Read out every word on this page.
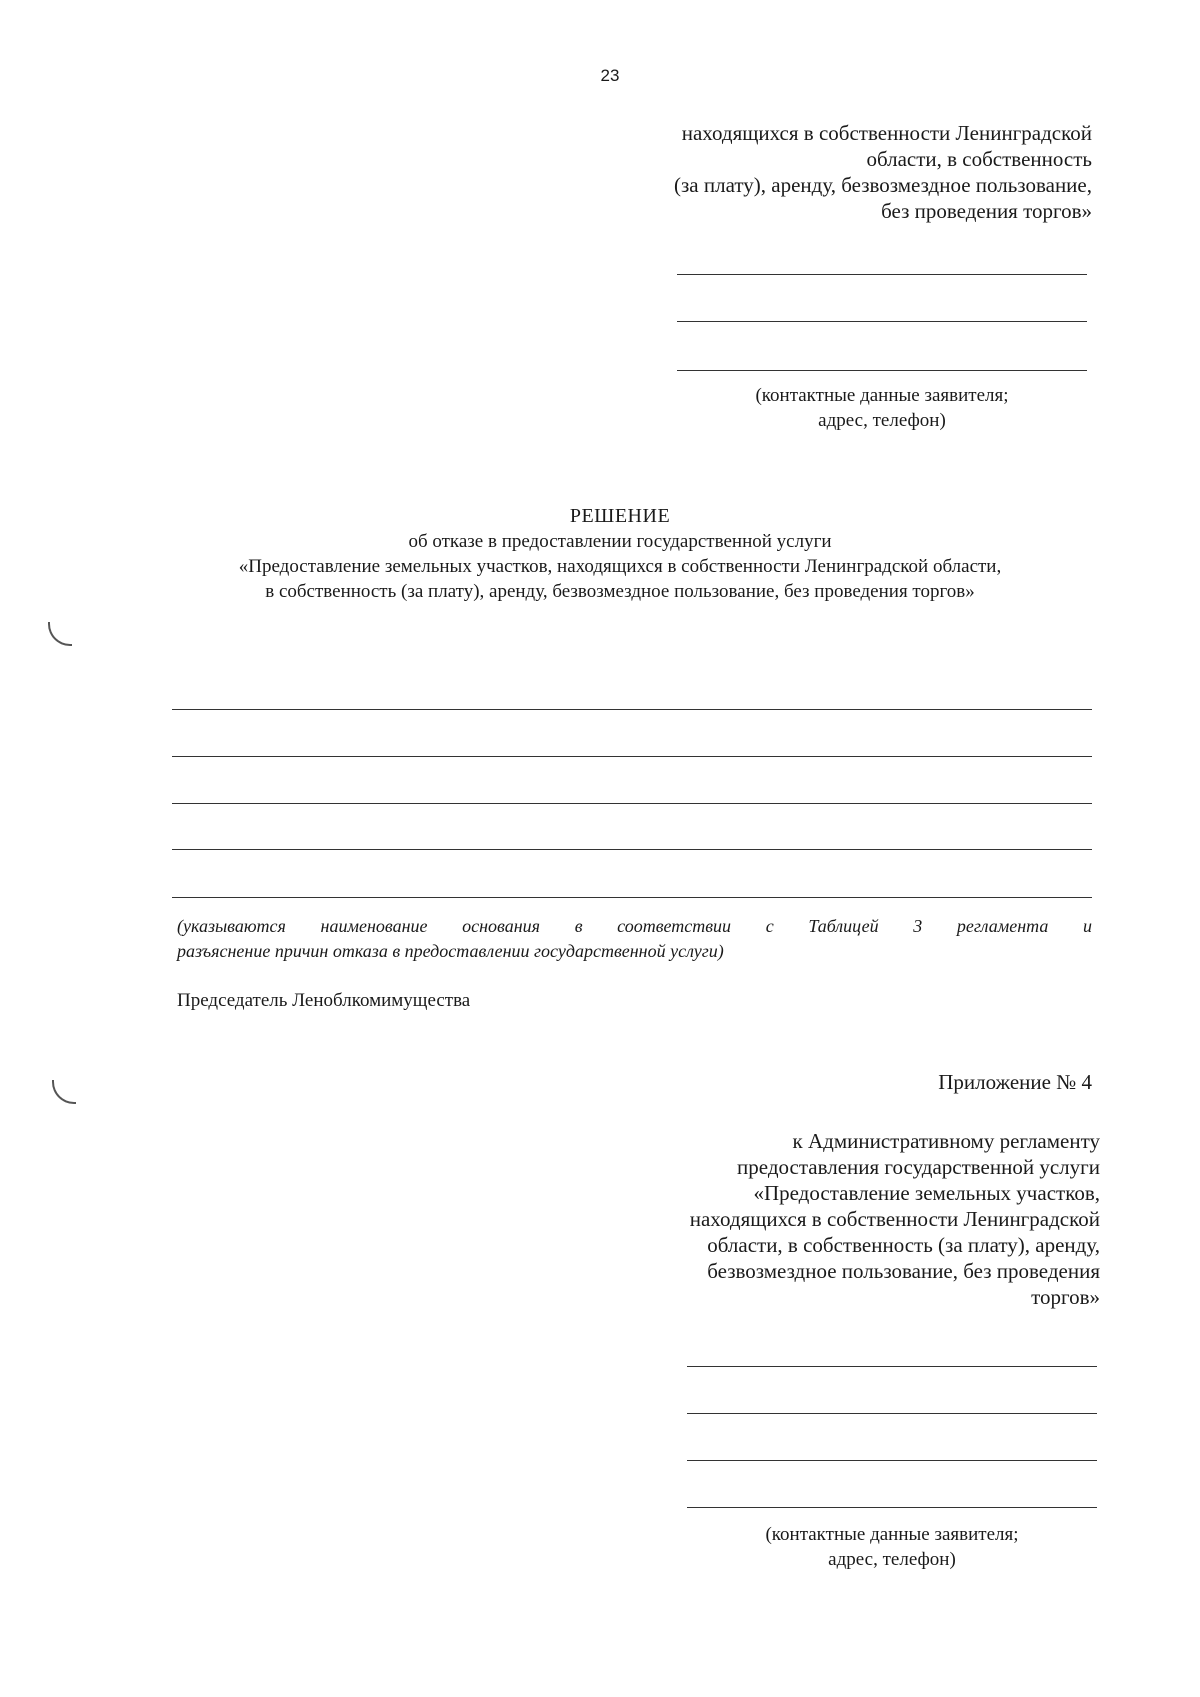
23
находящихся в собственности Ленинградской
области, в собственность
(за плату), аренду, безвозмездное пользование,
без проведения торгов»
(контактные данные заявителя;
адрес, телефон)
РЕШЕНИЕ
об отказе в предоставлении государственной услуги
«Предоставление земельных участков, находящихся в собственности Ленинградской области,
в собственность (за плату), аренду, безвозмездное пользование, без проведения торгов»
(указываются наименование основания в соответствии с Таблицей 3 регламента и
разъяснение причин отказа в предоставлении государственной услуги)
Председатель Леноблкомимущества
Приложение № 4
к Административному регламенту
предоставления государственной услуги
«Предоставление земельных участков,
находящихся в собственности Ленинградской
области, в собственность (за плату), аренду,
безвозмездное пользование, без проведения
торгов»
(контактные данные заявителя;
адрес, телефон)
